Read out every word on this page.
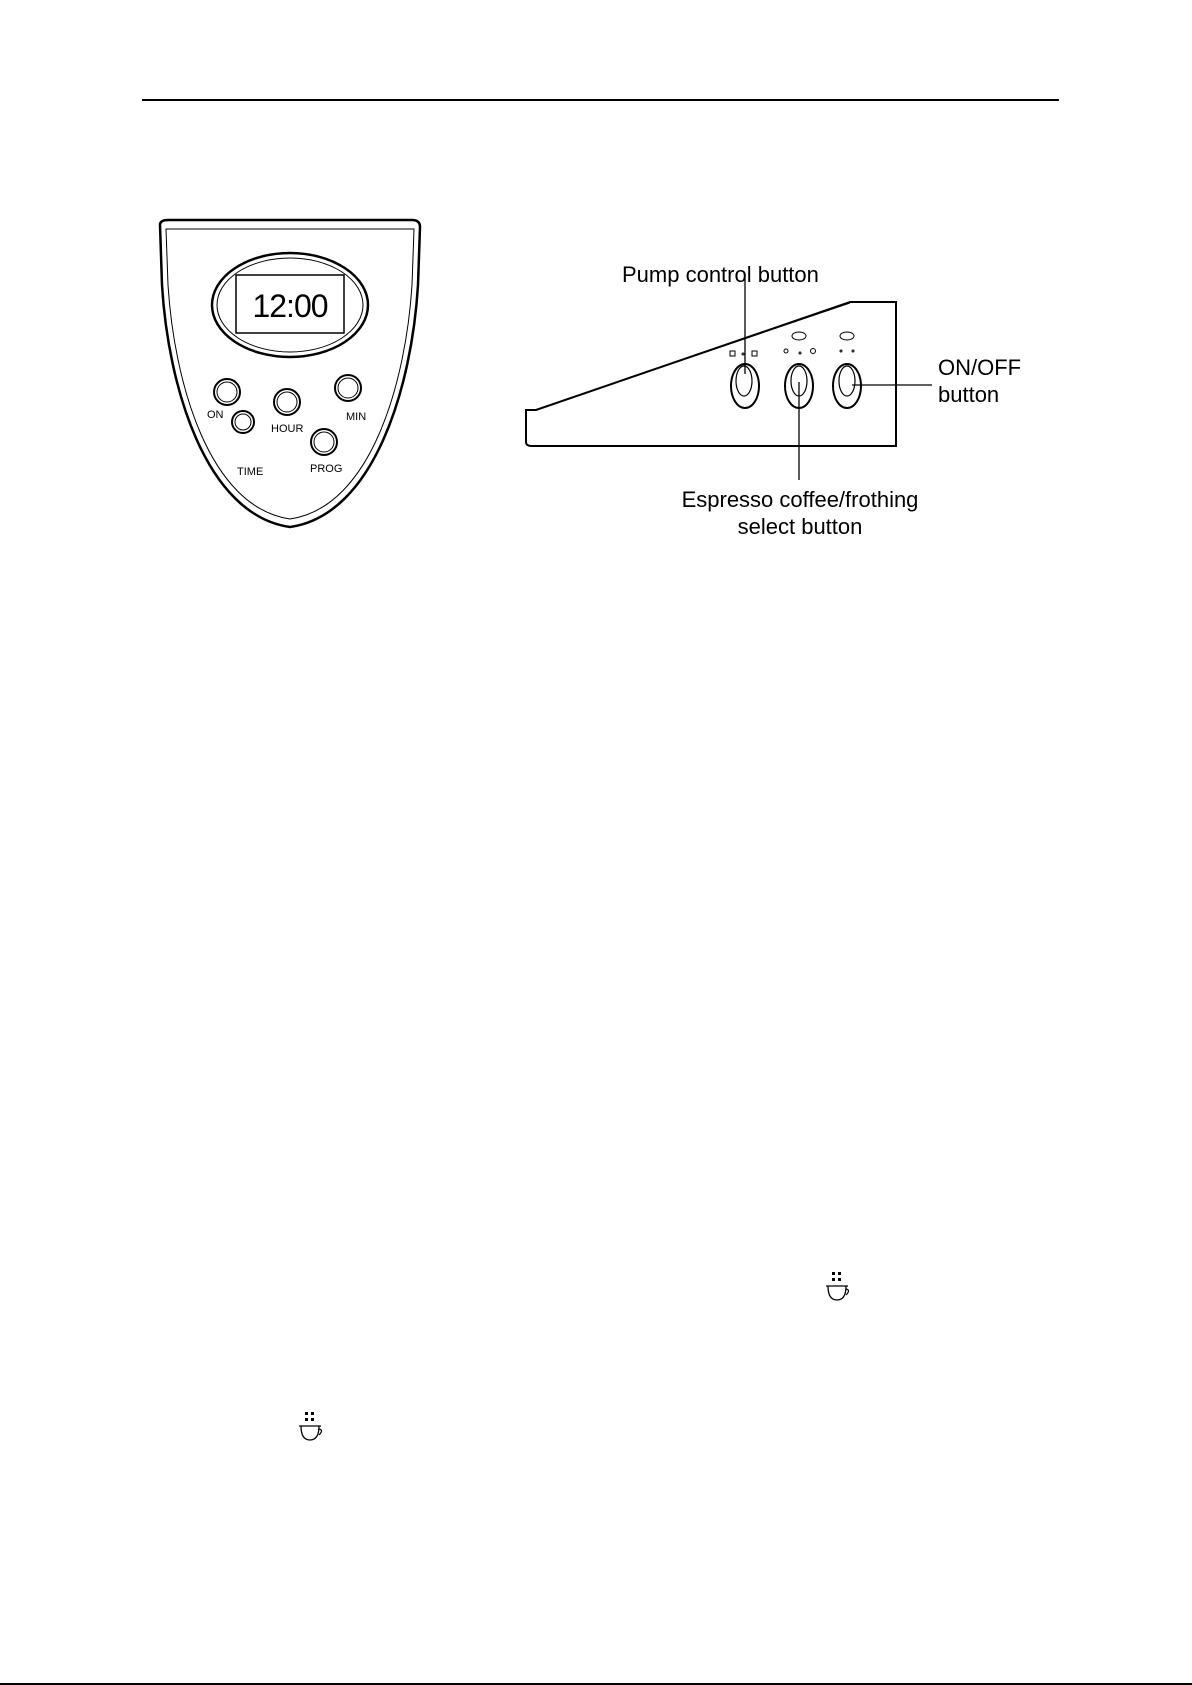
12:00
ON
HOUR
MIN
TIME	PROG
Pump control button
ON/OFF
button
Espresso coffee/frothing
select button
